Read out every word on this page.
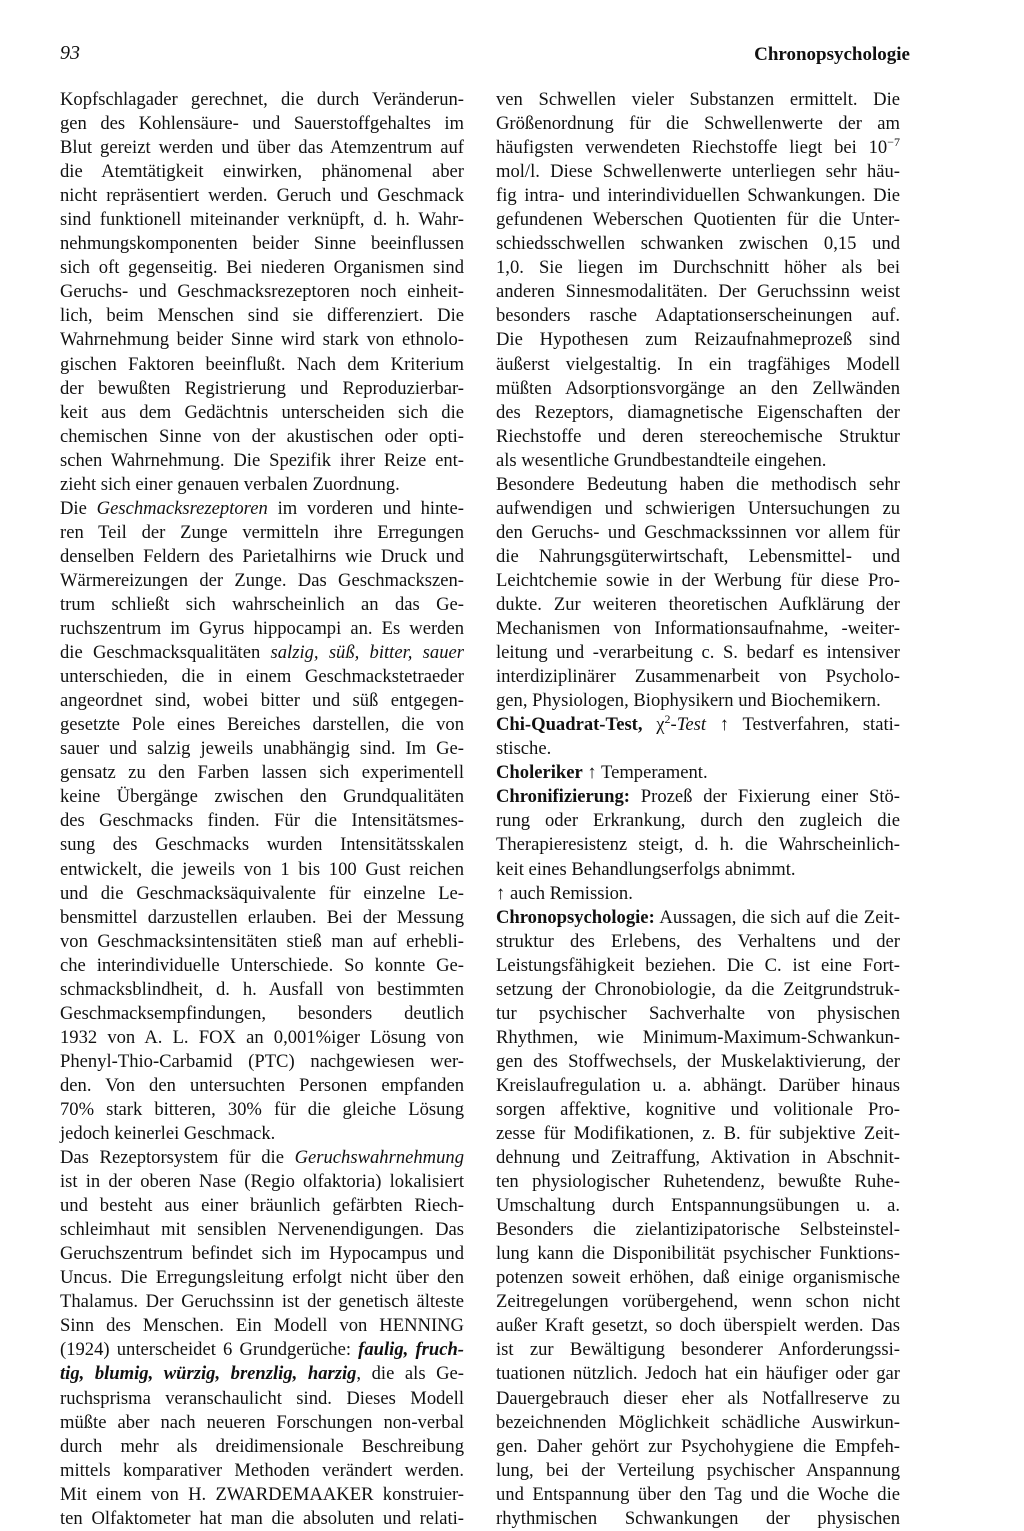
93	Chronopsychologie
Kopfschlagader gerechnet, die durch Veränderun-
gen des Kohlensäure- und Sauerstoffgehaltes im
Blut gereizt werden und über das Atemzentrum auf
die Atemtätigkeit einwirken, phänomenal aber
nicht repräsentiert werden. Geruch und Geschmack
sind funktionell miteinander verknüpft, d. h. Wahr-
nehmungskomponenten beider Sinne beeinflussen
sich oft gegenseitig. Bei niederen Organismen sind
Geruchs- und Geschmacksrezeptoren noch einheit-
lich, beim Menschen sind sie differenziert. Die
Wahrnehmung beider Sinne wird stark von ethnolo-
gischen Faktoren beeinflußt. Nach dem Kriterium
der bewußten Registrierung und Reproduzierbar-
keit aus dem Gedächtnis unterscheiden sich die
chemischen Sinne von der akustischen oder opti-
schen Wahrnehmung. Die Spezifik ihrer Reize ent-
zieht sich einer genauen verbalen Zuordnung.
Die Geschmacksrezeptoren im vorderen und hinte-
ren Teil der Zunge vermitteln ihre Erregungen
denselben Feldern des Parietalhirns wie Druck und
Wärmereizungen der Zunge. Das Geschmackszen-
trum schließt sich wahrscheinlich an das Ge-
ruchszentrum im Gyrus hippocampi an. Es werden
die Geschmacksqualitäten salzig, süß, bitter, sauer
unterschieden, die in einem Geschmackstetraeder
angeordnet sind, wobei bitter und süß entgegen-
gesetzte Pole eines Bereiches darstellen, die von
sauer und salzig jeweils unabhängig sind. Im Ge-
gensatz zu den Farben lassen sich experimentell
keine Übergänge zwischen den Grundqualitäten
des Geschmacks finden. Für die Intensitätsmes-
sung des Geschmacks wurden Intensitätsskalen
entwickelt, die jeweils von 1 bis 100 Gust reichen
und die Geschmacksäquivalente für einzelne Le-
bensmittel darzustellen erlauben. Bei der Messung
von Geschmacksintensitäten stieß man auf erhebli-
che interindividuelle Unterschiede. So konnte Ge-
schmacksblindheit, d. h. Ausfall von bestimmten
Geschmacksempfindungen, besonders deutlich
1932 von A. L. FOX an 0,001%iger Lösung von
Phenyl-Thio-Carbamid (PTC) nachgewiesen wer-
den. Von den untersuchten Personen empfanden
70% stark bitteren, 30% für die gleiche Lösung
jedoch keinerlei Geschmack.
Das Rezeptorsystem für die Geruchswahrnehmung
ist in der oberen Nase (Regio olfaktoria) lokalisiert
und besteht aus einer bräunlich gefärbten Riech-
schleimhaut mit sensiblen Nervenendigungen. Das
Geruchszentrum befindet sich im Hypocampus und
Uncus. Die Erregungsleitung erfolgt nicht über den
Thalamus. Der Geruchssinn ist der genetisch älteste
Sinn des Menschen. Ein Modell von HENNING
(1924) unterscheidet 6 Grundgerüche: faulig, fruch-
tig, blumig, würzig, brenzlig, harzig, die als Ge-
ruchsprisma veranschaulicht sind. Dieses Modell
müßte aber nach neueren Forschungen non-verbal
durch mehr als dreidimensionale Beschreibung
mittels komparativer Methoden verändert werden.
Mit einem von H. ZWARDEMAAKER konstruier-
ten Olfaktometer hat man die absoluten und relati-
ven Schwellen vieler Substanzen ermittelt. Die
Größenordnung für die Schwellenwerte der am
häufigsten verwendeten Riechstoffe liegt bei $10^{-7}$
mol/l. Diese Schwellenwerte unterliegen sehr häu-
fig intra- und interindividuellen Schwankungen. Die
gefundenen Weberschen Quotienten für die Unter-
schiedsschwellen schwanken zwischen 0,15 und
1,0. Sie liegen im Durchschnitt höher als bei
anderen Sinnesmodalitäten. Der Geruchssinn weist
besonders rasche Adaptationserscheinungen auf.
Die Hypothesen zum Reizaufnahmeprozeß sind
äußerst vielgestaltig. In ein tragfähiges Modell
müßten Adsorptionsvorgänge an den Zellwänden
des Rezeptors, diamagnetische Eigenschaften der
Riechstoffe und deren stereochemische Struktur
als wesentliche Grundbestandteile eingehen.
Besondere Bedeutung haben die methodisch sehr
aufwendigen und schwierigen Untersuchungen zu
den Geruchs- und Geschmackssinnen vor allem für
die Nahrungsgüterwirtschaft, Lebensmittel- und
Leichtchemie sowie in der Werbung für diese Pro-
dukte. Zur weiteren theoretischen Aufklärung der
Mechanismen von Informationsaufnahme, -weiter-
leitung und -verarbeitung c. S. bedarf es intensiver
interdiziplinärer Zusammenarbeit von Psycholo-
gen, Physiologen, Biophysikern und Biochemikern.
Chi-Quadrat-Test, $\chi^2$-Test ↑ Testverfahren, stati-
stische.
Choleriker ↑ Temperament.
Chronifizierung: Prozeß der Fixierung einer Stö-
rung oder Erkrankung, durch den zugleich die
Therapieresistenz steigt, d. h. die Wahrscheinlich-
keit eines Behandlungserfolgs abnimmt.
↑ auch Remission.
Chronopsychologie: Aussagen, die sich auf die Zeit-
struktur des Erlebens, des Verhaltens und der
Leistungsfähigkeit beziehen. Die C. ist eine Fort-
setzung der Chronobiologie, da die Zeitgrundstruk-
tur psychischer Sachverhalte von physischen
Rhythmen, wie Minimum-Maximum-Schwankun-
gen des Stoffwechsels, der Muskelaktivierung, der
Kreislaufregulation u. a. abhängt. Darüber hinaus
sorgen affektive, kognitive und volitionale Pro-
zesse für Modifikationen, z. B. für subjektive Zeit-
dehnung und Zeitraffung, Aktivation in Abschnit-
ten physiologischer Ruhetendenz, bewußte Ruhe-
Umschaltung durch Entspannungsübungen u. a.
Besonders die zielantizipatorische Selbsteinstel-
lung kann die Disponibilität psychischer Funktions-
potenzen soweit erhöhen, daß einige organismische
Zeitregelungen vorübergehend, wenn schon nicht
außer Kraft gesetzt, so doch überspielt werden. Das
ist zur Bewältigung besonderer Anforderungssi-
tuationen nützlich. Jedoch hat ein häufiger oder gar
Dauergebrauch dieser eher als Notfallreserve zu
bezeichnenden Möglichkeit schädliche Auswirkun-
gen. Daher gehört zur Psychohygiene die Empfeh-
lung, bei der Verteilung psychischer Anspannung
und Entspannung über den Tag und die Woche die
rhythmischen Schwankungen der physischen
